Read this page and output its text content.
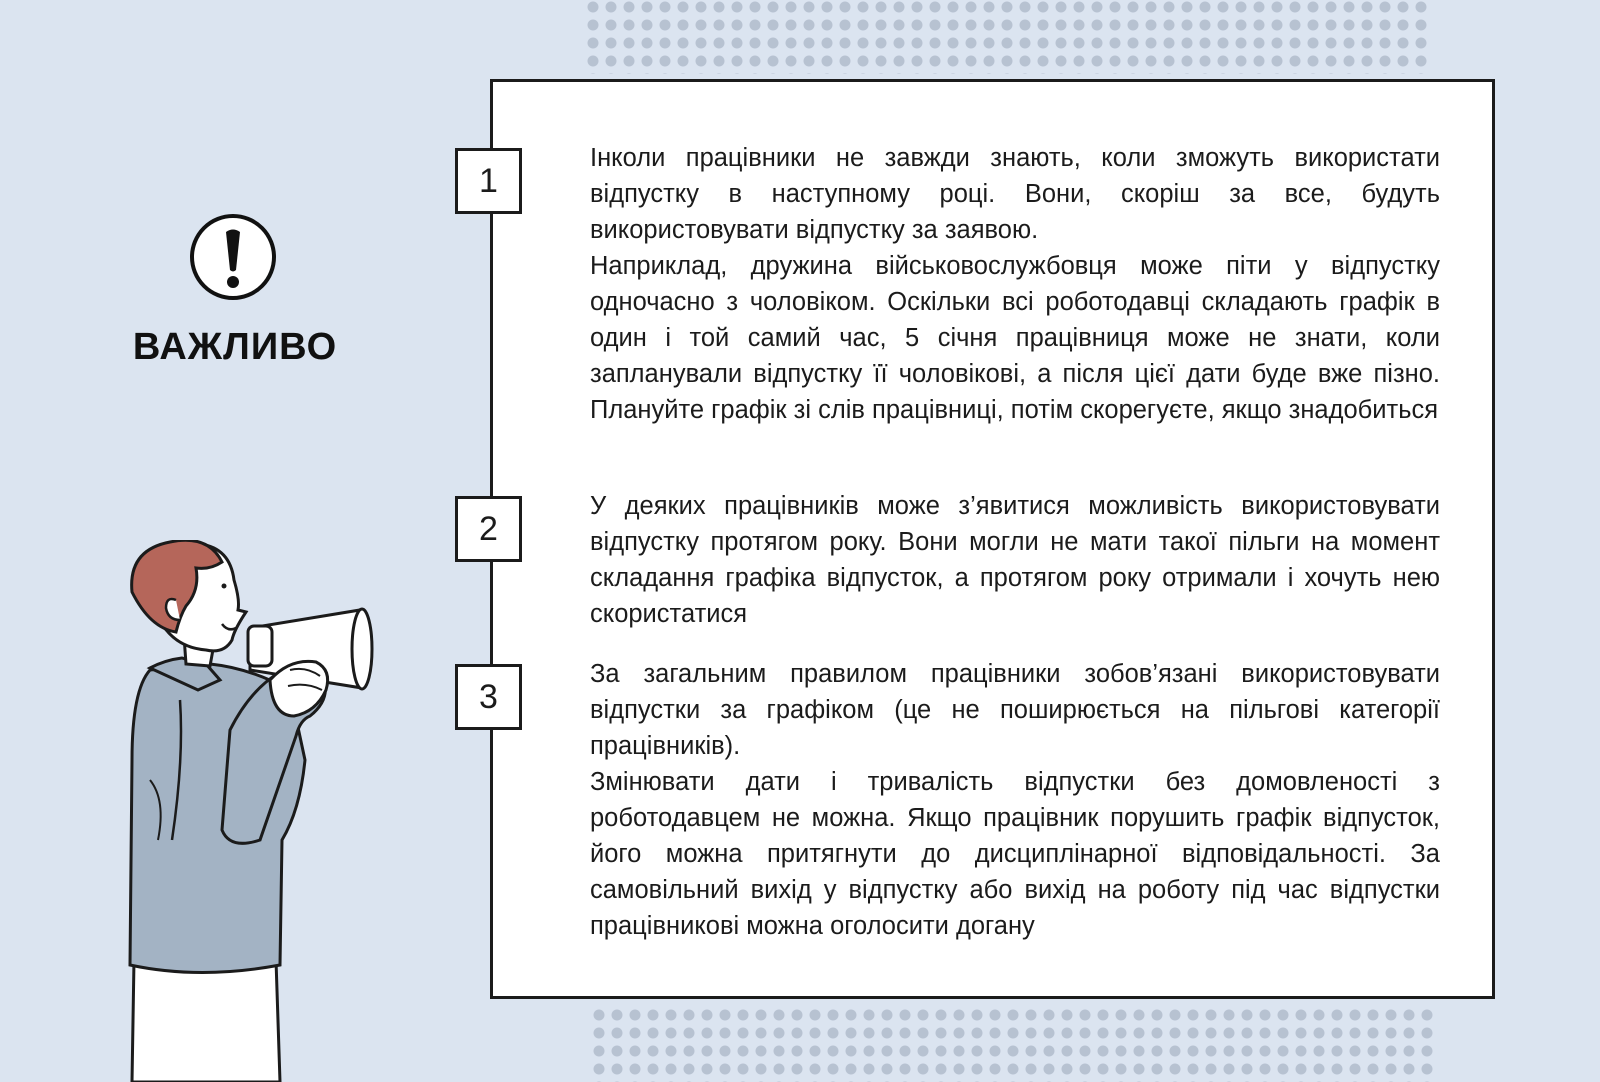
ВАЖЛИВО
1
2
3

Інколи працівники не завжди знають, коли зможуть використати відпустку в наступному році. Вони, скоріш за все, будуть використовувати відпустку за заявою.

Наприклад, дружина військовослужбовця може піти у відпустку одночасно з чоловіком. Оскільки всі роботодавці складають графік в один і той самий час, 5 січня працівниця може не знати, коли запланували відпустку її чоловікові, а після цієї дати буде вже пізно. Плануйте графік зі слів працівниці, потім скорегуєте, якщо знадобиться

У деяких працівників може з’явитися можливість використовувати відпустку протягом року. Вони могли не мати такої пільги на момент складання графіка відпусток, а протягом року отримали і хочуть нею скористатися

За загальним правилом працівники зобов’язані використовувати відпустки за графіком (це не поширюється на пільгові категорії працівників).

Змінювати дати і тривалість відпустки без домовленості з роботодавцем не можна. Якщо працівник порушить графік відпусток, його можна притягнути до дисциплінарної відповідальності. За самовільний вихід у відпустку або вихід на роботу під час відпустки працівникові можна оголосити догану
